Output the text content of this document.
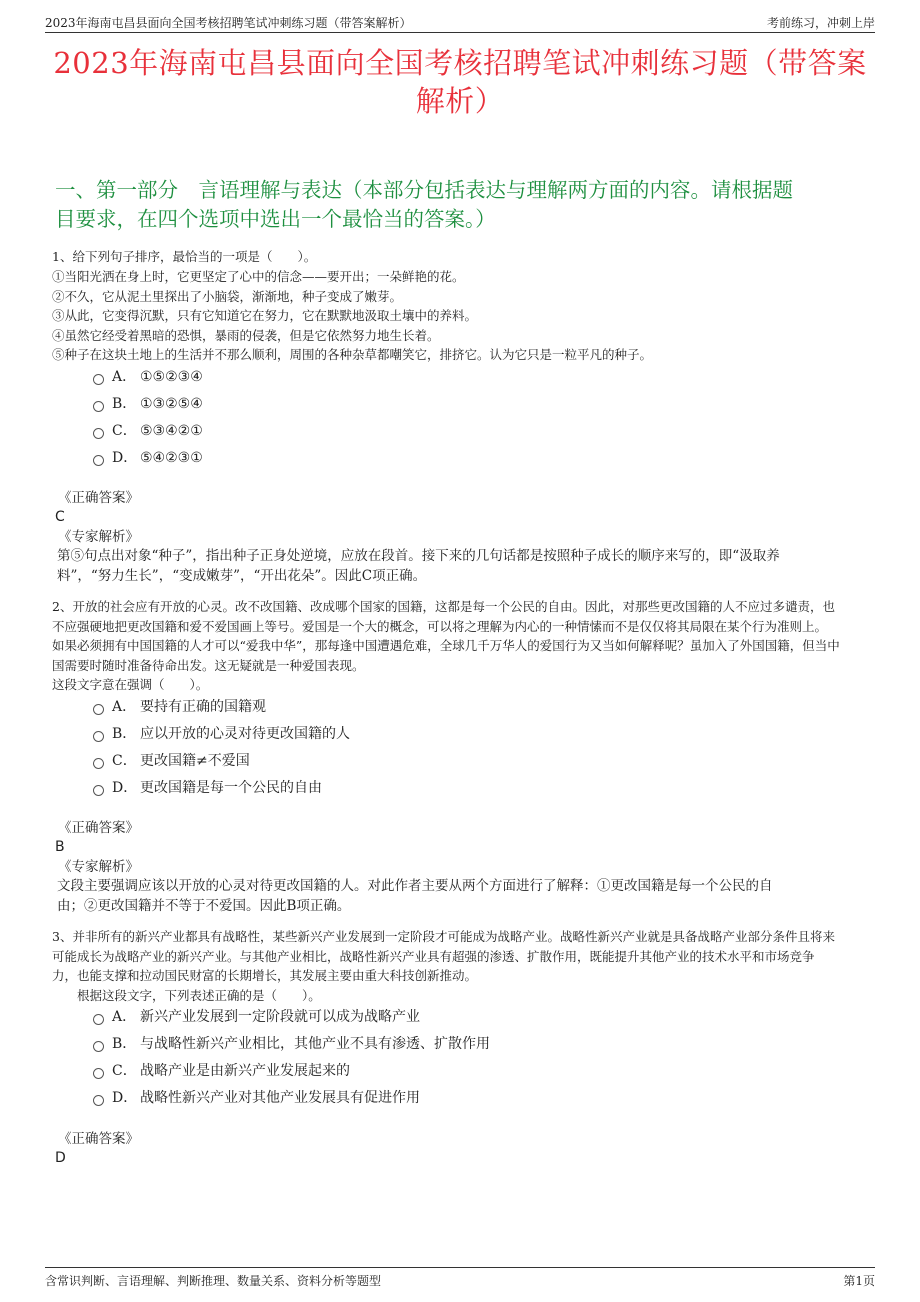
2023年海南屯昌县面向全国考核招聘笔试冲刺练习题（带答案解析）	考前练习，冲刺上岸
2023年海南屯昌县面向全国考核招聘笔试冲刺练习题（带答案
解析）
一、第一部分　言语理解与表达（本部分包括表达与理解两方面的内容。请根据题
目要求，在四个选项中选出一个最恰当的答案。）
1、给下列句子排序，最恰当的一项是（　　）。
①当阳光洒在身上时，它更坚定了心中的信念——要开出；一朵鲜艳的花。
②不久，它从泥土里探出了小脑袋，渐渐地，种子变成了嫩芽。
③从此，它变得沉默，只有它知道它在努力，它在默默地汲取土壤中的养料。
④虽然它经受着黑暗的恐惧，暴雨的侵袭，但是它依然努力地生长着。
⑤种子在这块土地上的生活并不那么顺利，周围的各种杂草都嘲笑它，排挤它。认为它只是一粒平凡的种子。
A． ①⑤②③④
B． ①③②⑤④
C． ⑤③④②①
D． ⑤④②③①
《正确答案》
C
《专家解析》
第⑤句点出对象“种子”，指出种子正身处逆境，应放在段首。接下来的几句话都是按照种子成长的顺序来写的，即“汲取养
料”，“努力生长”，“变成嫩芽”，“开出花朵”。因此C项正确。
2、开放的社会应有开放的心灵。改不改国籍、改成哪个国家的国籍，这都是每一个公民的自由。因此，对那些更改国籍的人不应过多谴责，也
不应强硬地把更改国籍和爱不爱国画上等号。爱国是一个大的概念，可以将之理解为内心的一种情愫而不是仅仅将其局限在某个行为准则上。
如果必须拥有中国国籍的人才可以“爱我中华”，那每逢中国遭遇危难，全球几千万华人的爱国行为又当如何解释呢？虽加入了外国国籍，但当中
国需要时随时准备待命出发。这无疑就是一种爱国表现。
这段文字意在强调（　　）。
A． 要持有正确的国籍观
B． 应以开放的心灵对待更改国籍的人
C． 更改国籍≠不爱国
D． 更改国籍是每一个公民的自由
《正确答案》
B
《专家解析》
文段主要强调应该以开放的心灵对待更改国籍的人。对此作者主要从两个方面进行了解释：①更改国籍是每一个公民的自
由；②更改国籍并不等于不爱国。因此B项正确。
3、并非所有的新兴产业都具有战略性，某些新兴产业发展到一定阶段才可能成为战略产业。战略性新兴产业就是具备战略产业部分条件且将来
可能成长为战略产业的新兴产业。与其他产业相比，战略性新兴产业具有超强的渗透、扩散作用，既能提升其他产业的技术水平和市场竞争
力，也能支撑和拉动国民财富的长期增长，其发展主要由重大科技创新推动。
　　根据这段文字，下列表述正确的是（　　）。
A． 新兴产业发展到一定阶段就可以成为战略产业
B． 与战略性新兴产业相比，其他产业不具有渗透、扩散作用
C． 战略产业是由新兴产业发展起来的
D． 战略性新兴产业对其他产业发展具有促进作用
《正确答案》
D
含常识判断、言语理解、判断推理、数量关系、资料分析等题型	第1页
